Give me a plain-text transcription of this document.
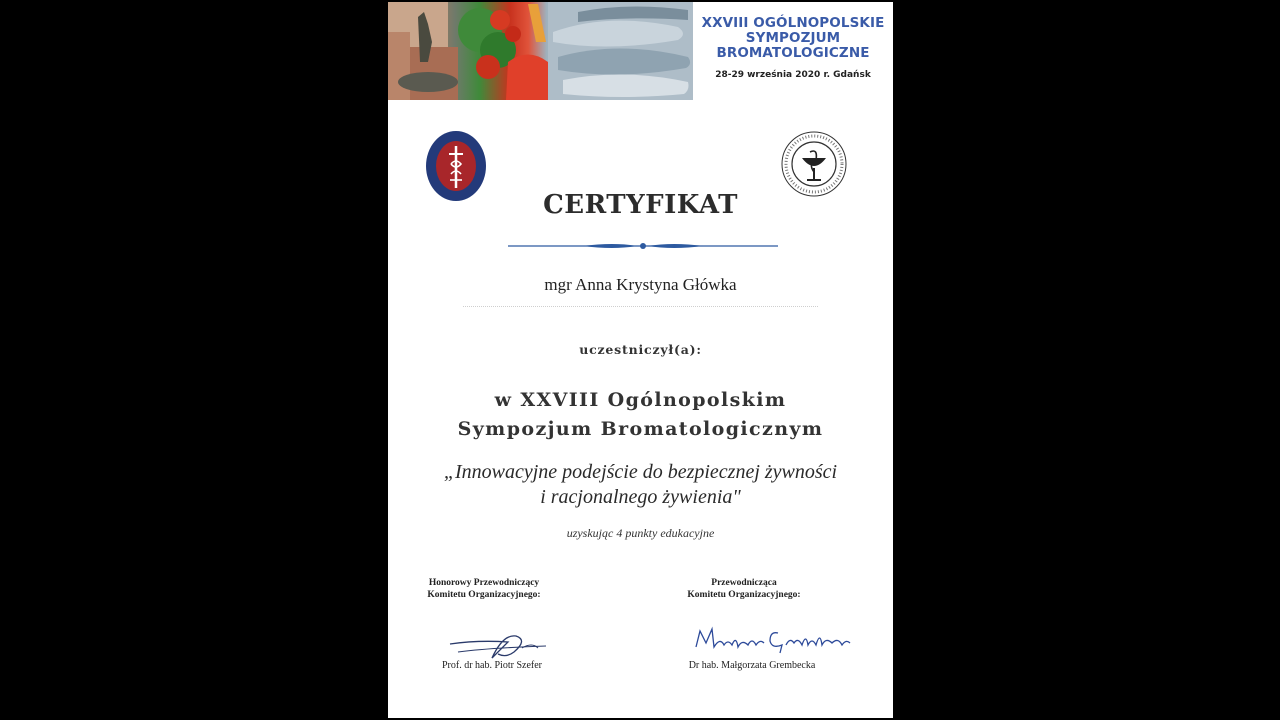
XXVIII OGÓLNOPOLSKIE
SYMPOZJUM
BROMATOLOGICZNE
28-29 września 2020 r. Gdańsk
CERTYFIKAT
mgr Anna Krystyna Główka
uczestniczył(a):
w XXVIII Ogólnopolskim
Sympozjum Bromatologicznym
„Innowacyjne podejście do bezpiecznej żywności
i racjonalnego żywienia"
uzyskując 4 punkty edukacyjne
Honorowy Przewodniczący
Komitetu Organizacyjnego:
Przewodnicząca
Komitetu Organizacyjnego:
Prof. dr hab. Piotr Szefer	Dr hab. Małgorzata Grembecka
